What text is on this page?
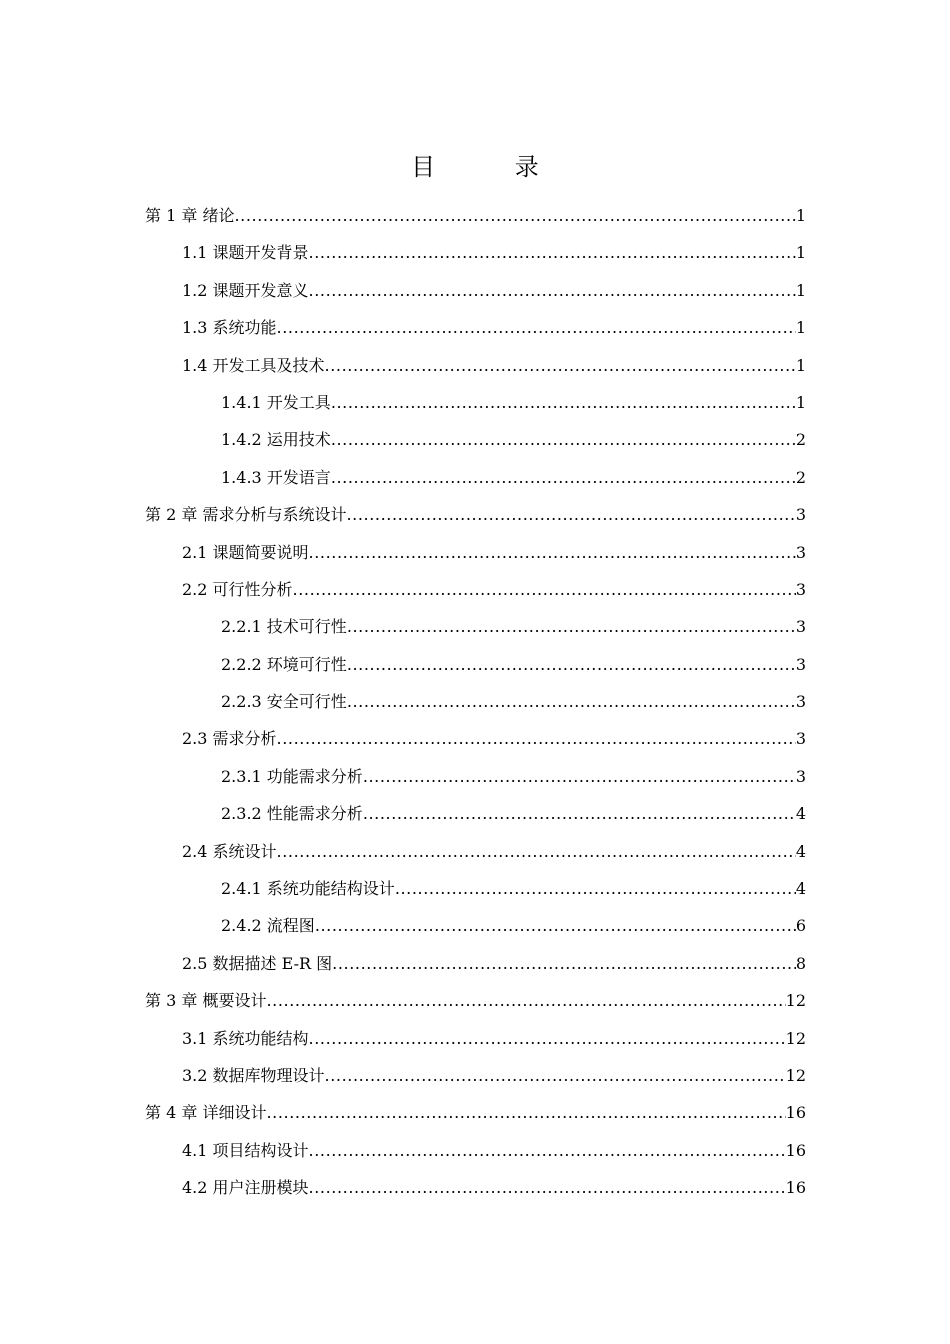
目 录
第 1 章 绪论 .....	1
1.1 课题开发背景 .....	1
1.2 课题开发意义 .....	1
1.3 系统功能 .....	1
1.4 开发工具及技术 .....	1
1.4.1 开发工具 .....	1
1.4.2 运用技术 .....	2
1.4.3 开发语言 .....	2
第 2 章 需求分析与系统设计 .....	3
2.1 课题简要说明 .....	3
2.2 可行性分析 .....	3
2.2.1 技术可行性 .....	3
2.2.2 环境可行性 .....	3
2.2.3 安全可行性 .....	3
2.3 需求分析 .....	3
2.3.1 功能需求分析 .....	3
2.3.2 性能需求分析 .....	4
2.4 系统设计 .....	4
2.4.1 系统功能结构设计 .....	4
2.4.2 流程图 .....	6
2.5 数据描述 E-R 图 .....	8
第 3 章 概要设计 .....	12
3.1 系统功能结构 .....	12
3.2 数据库物理设计 .....	12
第 4 章 详细设计 .....	16
4.1 项目结构设计 .....	16
4.2 用户注册模块 .....	16
